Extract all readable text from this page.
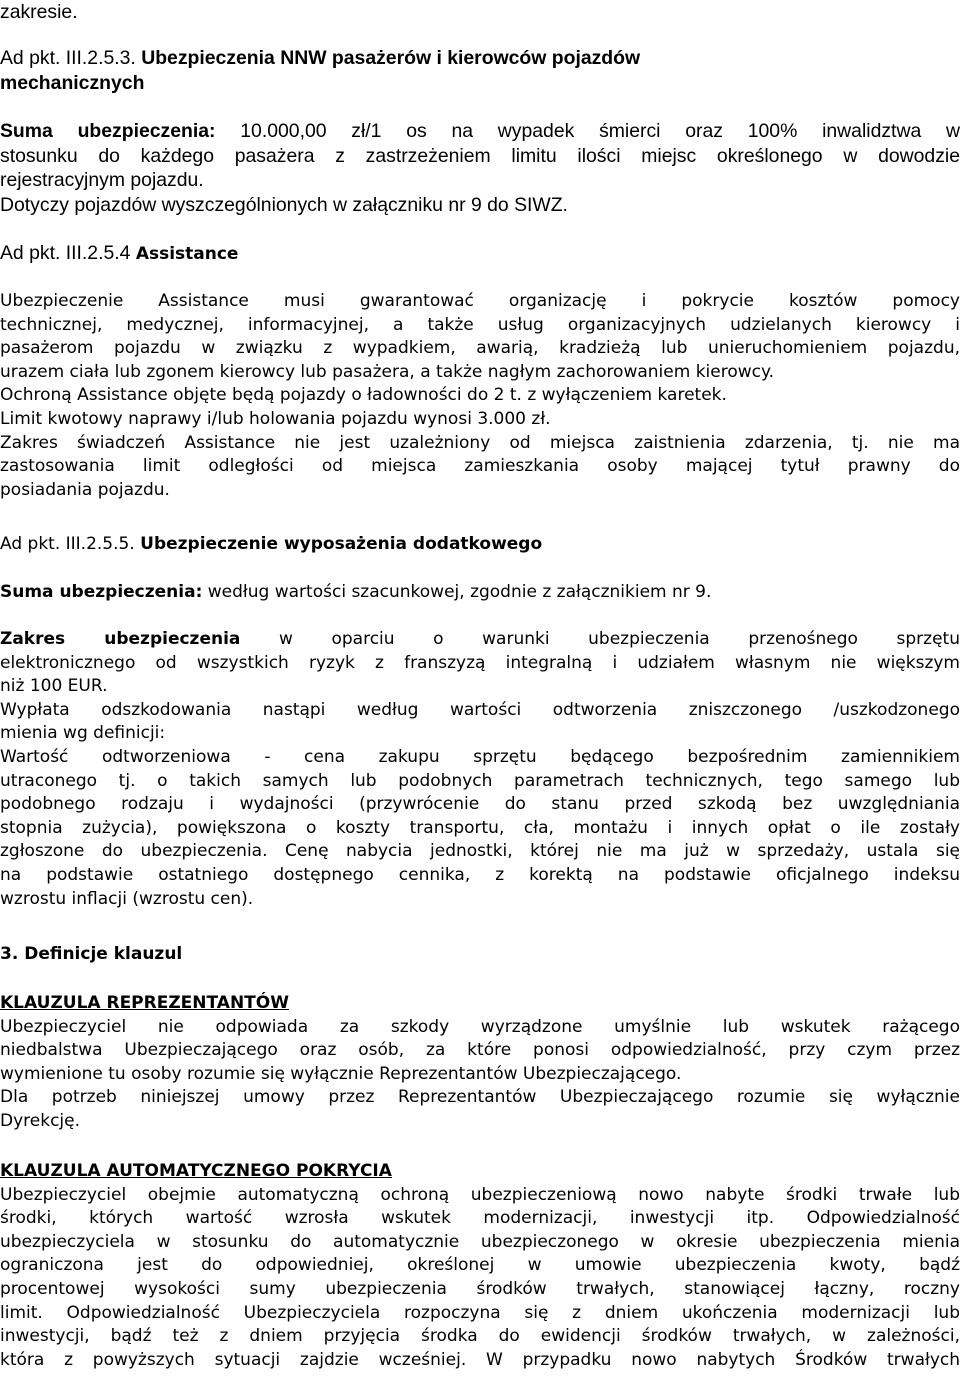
zakresie.

Ad pkt. III.2.5.3. Ubezpieczenia NNW pasażerów i kierowców pojazdów
mechanicznych

Suma ubezpieczenia: 10.000,00 zł/1 os na wypadek śmierci oraz 100% inwalidztwa w
stosunku do każdego pasażera z zastrzeżeniem limitu ilości miejsc określonego w dowodzie
rejestracyjnym pojazdu.

Dotyczy pojazdów wyszczególnionych w załączniku nr 9 do SIWZ.

Ad pkt. III.2.5.4 Assistance

Ubezpieczenie Assistance musi gwarantować organizację i pokrycie kosztów pomocy
technicznej, medycznej, informacyjnej, a także usług organizacyjnych udzielanych kierowcy i
pasażerom pojazdu w związku z wypadkiem, awarią, kradzieżą lub unieruchomieniem pojazdu,
urazem ciała lub zgonem kierowcy lub pasażera, a także nagłym zachorowaniem kierowcy.
Ochroną Assistance objęte będą pojazdy o ładowności do 2 t. z wyłączeniem karetek.
Limit kwotowy naprawy i/lub holowania pojazdu wynosi 3.000 zł.
Zakres świadczeń Assistance nie jest uzależniony od miejsca zaistnienia zdarzenia, tj. nie ma
zastosowania limit odległości od miejsca zamieszkania osoby mającej tytuł prawny do
posiadania pojazdu.

Ad pkt. III.2.5.5. Ubezpieczenie wyposażenia dodatkowego

Suma ubezpieczenia: według wartości szacunkowej, zgodnie z załącznikiem nr 9.

Zakres ubezpieczenia w oparciu o warunki ubezpieczenia przenośnego sprzętu
elektronicznego od wszystkich ryzyk z franszyzą integralną i udziałem własnym nie większym
niż 100 EUR.
Wypłata odszkodowania nastąpi według wartości odtworzenia zniszczonego /uszkodzonego
mienia wg definicji:
Wartość odtworzeniowa - cena zakupu sprzętu będącego bezpośrednim zamiennikiem
utraconego tj. o takich samych lub podobnych parametrach technicznych, tego samego lub
podobnego rodzaju i wydajności (przywrócenie do stanu przed szkodą bez uwzględniania
stopnia zużycia), powiększona o koszty transportu, cła, montażu i innych opłat o ile zostały
zgłoszone do ubezpieczenia. Cenę nabycia jednostki, której nie ma już w sprzedaży, ustala się
na podstawie ostatniego dostępnego cennika, z korektą na podstawie oficjalnego indeksu
wzrostu inflacji (wzrostu cen).

3. Definicje klauzul

KLAUZULA REPREZENTANTÓW
Ubezpieczyciel nie odpowiada za szkody wyrządzone umyślnie lub wskutek rażącego
niedbalstwa Ubezpieczającego oraz osób, za które ponosi odpowiedzialność, przy czym przez
wymienione tu osoby rozumie się wyłącznie Reprezentantów Ubezpieczającego.
Dla potrzeb niniejszej umowy przez Reprezentantów Ubezpieczającego rozumie się wyłącznie
Dyrekcję.
KLAUZULA AUTOMATYCZNEGO POKRYCIA
Ubezpieczyciel obejmie automatyczną ochroną ubezpieczeniową nowo nabyte środki trwałe lub
środki, których wartość wzrosła wskutek modernizacji, inwestycji itp. Odpowiedzialność
ubezpieczyciela w stosunku do automatycznie ubezpieczonego w okresie ubezpieczenia mienia
ograniczona jest do odpowiedniej, określonej w umowie ubezpieczenia kwoty, bądź
procentowej wysokości sumy ubezpieczenia środków trwałych, stanowiącej łączny, roczny
limit. Odpowiedzialność Ubezpieczyciela rozpoczyna się z dniem ukończenia modernizacji lub
inwestycji, bądź też z dniem przyjęcia środka do ewidencji środków trwałych, w zależności,
która z powyższych sytuacji zajdzie wcześniej. W przypadku nowo nabytych Środków trwałych
